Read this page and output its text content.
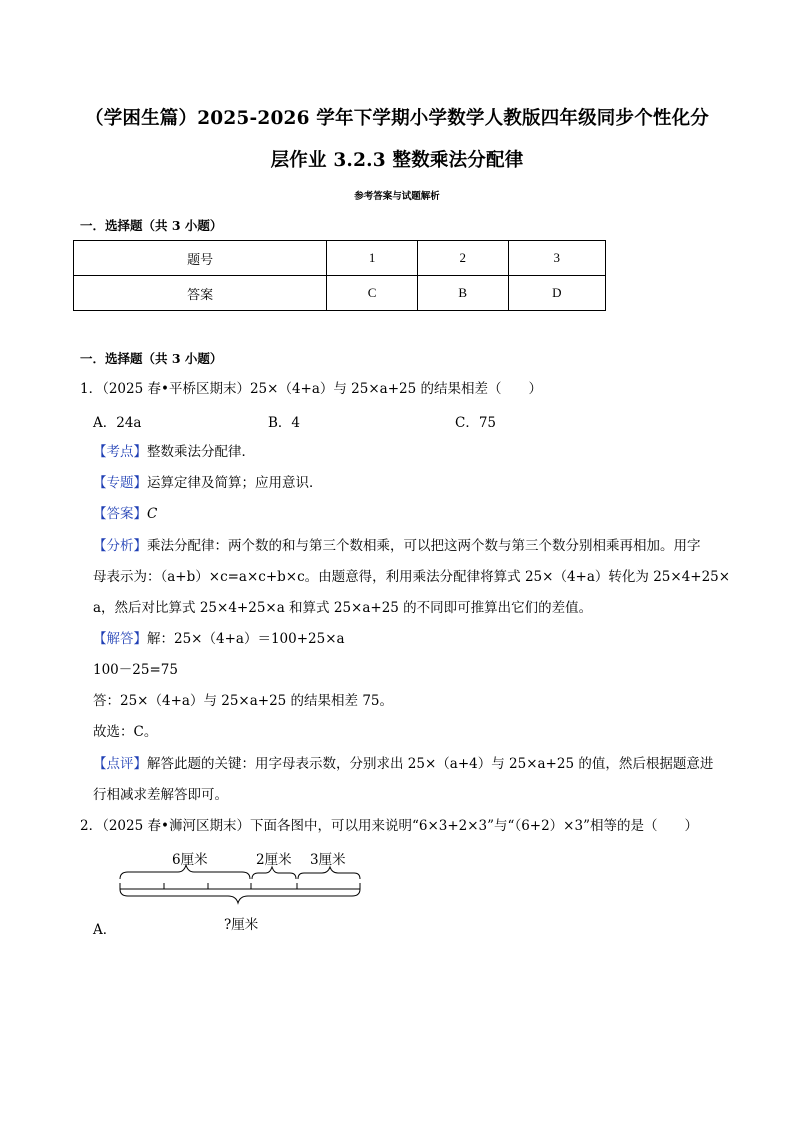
（学困生篇）2025-2026 学年下学期小学数学人教版四年级同步个性化分
层作业 3.2.3 整数乘法分配律
参考答案与试题解析
一．选择题（共 3 小题）
题号	1	2	3
答案	C	B	D
一．选择题（共 3 小题）
1．（2025 春•平桥区期末）25×（4+a）与 25×a+25 的结果相差（　　）
A．24a	B．4	C．75
【考点】整数乘法分配律．
【专题】运算定律及简算；应用意识．
【答案】C
【分析】乘法分配律：两个数的和与第三个数相乘，可以把这两个数与第三个数分别相乘再相加。用字
母表示为：（a+b）×c=a×c+b×c。由题意得，利用乘法分配律将算式 25×（4+a）转化为 25×4+25×
a，然后对比算式 25×4+25×a 和算式 25×a+25 的不同即可推算出它们的差值。
【解答】解：25×（4+a）＝100+25×a
100－25=75
答：25×（4+a）与 25×a+25 的结果相差 75。
故选：C。
【点评】解答此题的关键：用字母表示数，分别求出 25×（a+4）与 25×a+25 的值，然后根据题意进
行相减求差解答即可。
2．（2025 春•浉河区期末）下面各图中，可以用来说明“6×3+2×3”与“（6+2）×3”相等的是（　　）
6厘米	2厘米 3厘米
?厘米
A．
